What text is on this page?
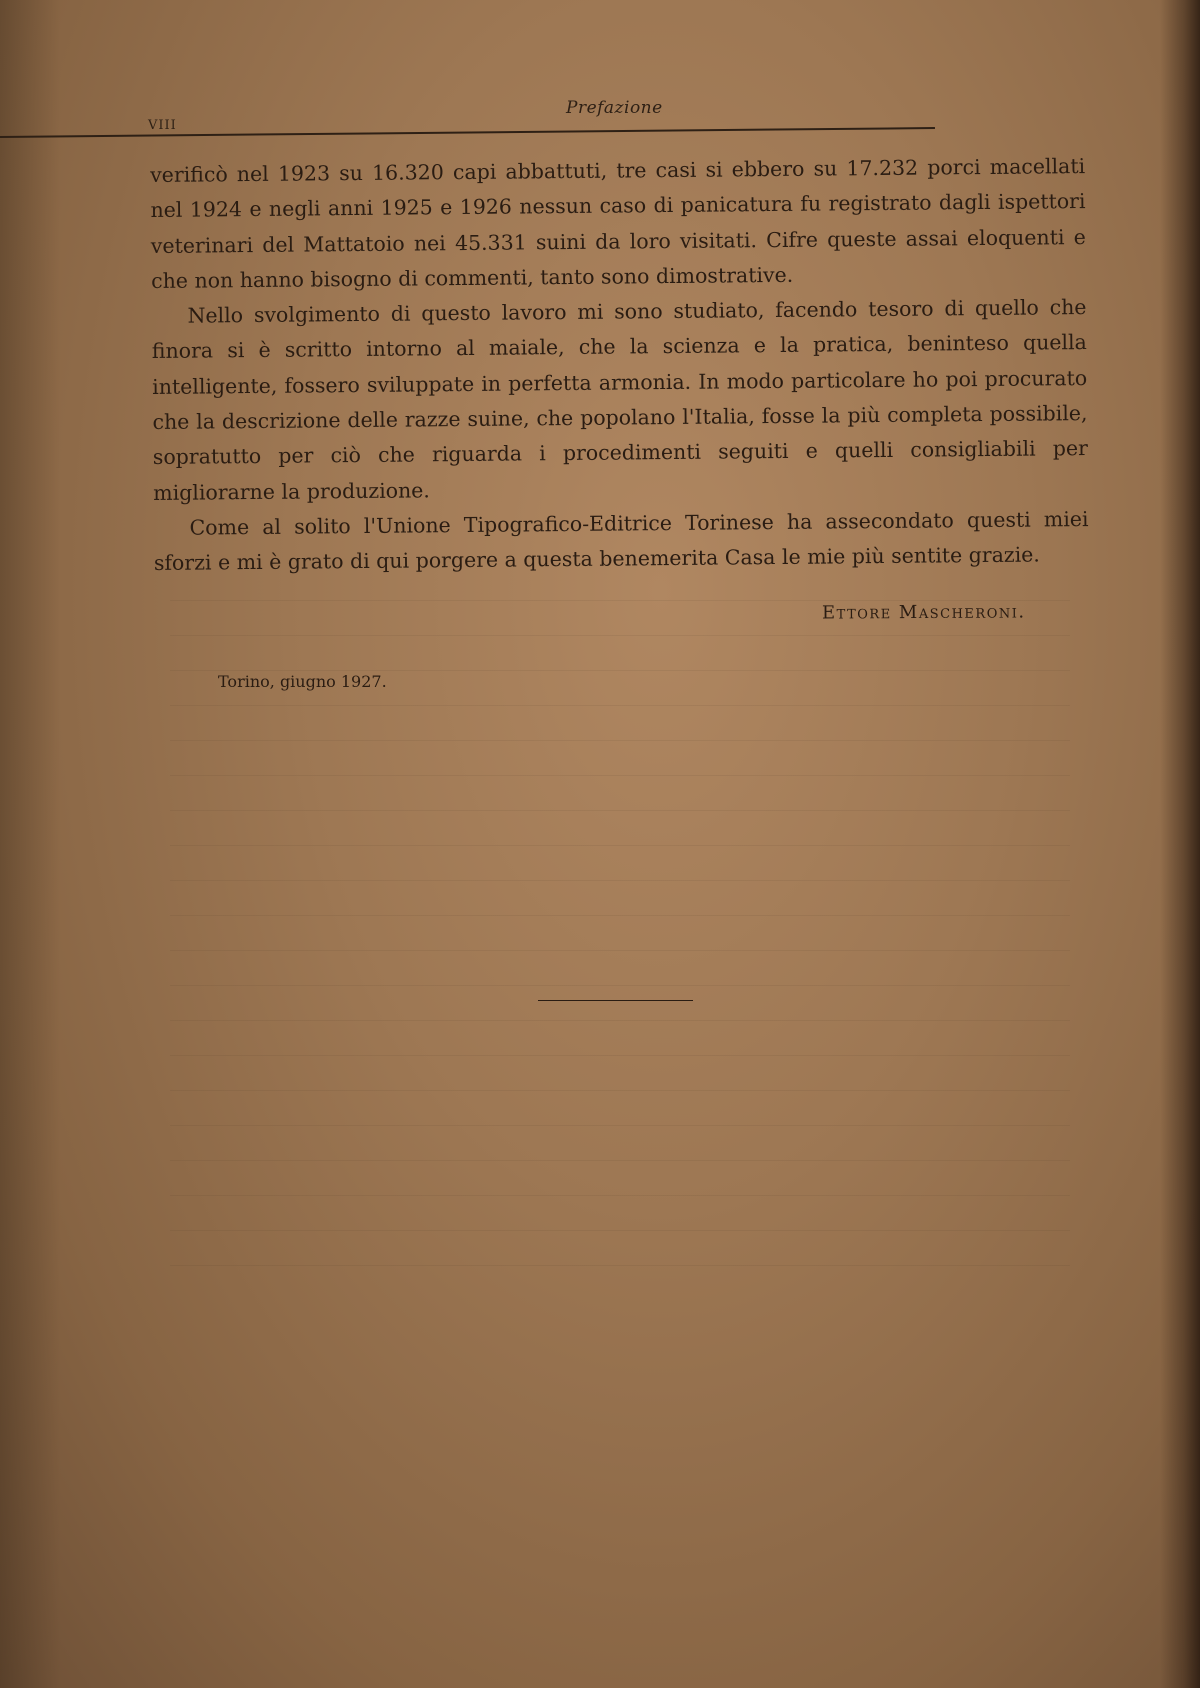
VIII
Prefazione

verificò nel 1923 su 16.320 capi abbattuti, tre casi si ebbero su 17.232 porci macellati nel 1924 e negli anni 1925 e 1926 nessun caso di panicatura fu registrato dagli ispettori veterinari del Mattatoio nei 45.331 suini da loro visitati. Cifre queste assai eloquenti e che non hanno bisogno di commenti, tanto sono dimostrative.

Nello svolgimento di questo lavoro mi sono studiato, facendo tesoro di quello che finora si è scritto intorno al maiale, che la scienza e la pratica, beninteso quella intelligente, fossero sviluppate in perfetta armonia. In modo particolare ho poi procurato che la descrizione delle razze suine, che popolano l'Italia, fosse la più completa possibile, sopratutto per ciò che riguarda i procedimenti seguiti e quelli consigliabili per migliorarne la produzione.

Come al solito l'Unione Tipografico-Editrice Torinese ha assecondato questi miei sforzi e mi è grato di qui porgere a questa benemerita Casa le mie più sentite grazie.

Ettore Mascheroni.
Torino, giugno 1927.
